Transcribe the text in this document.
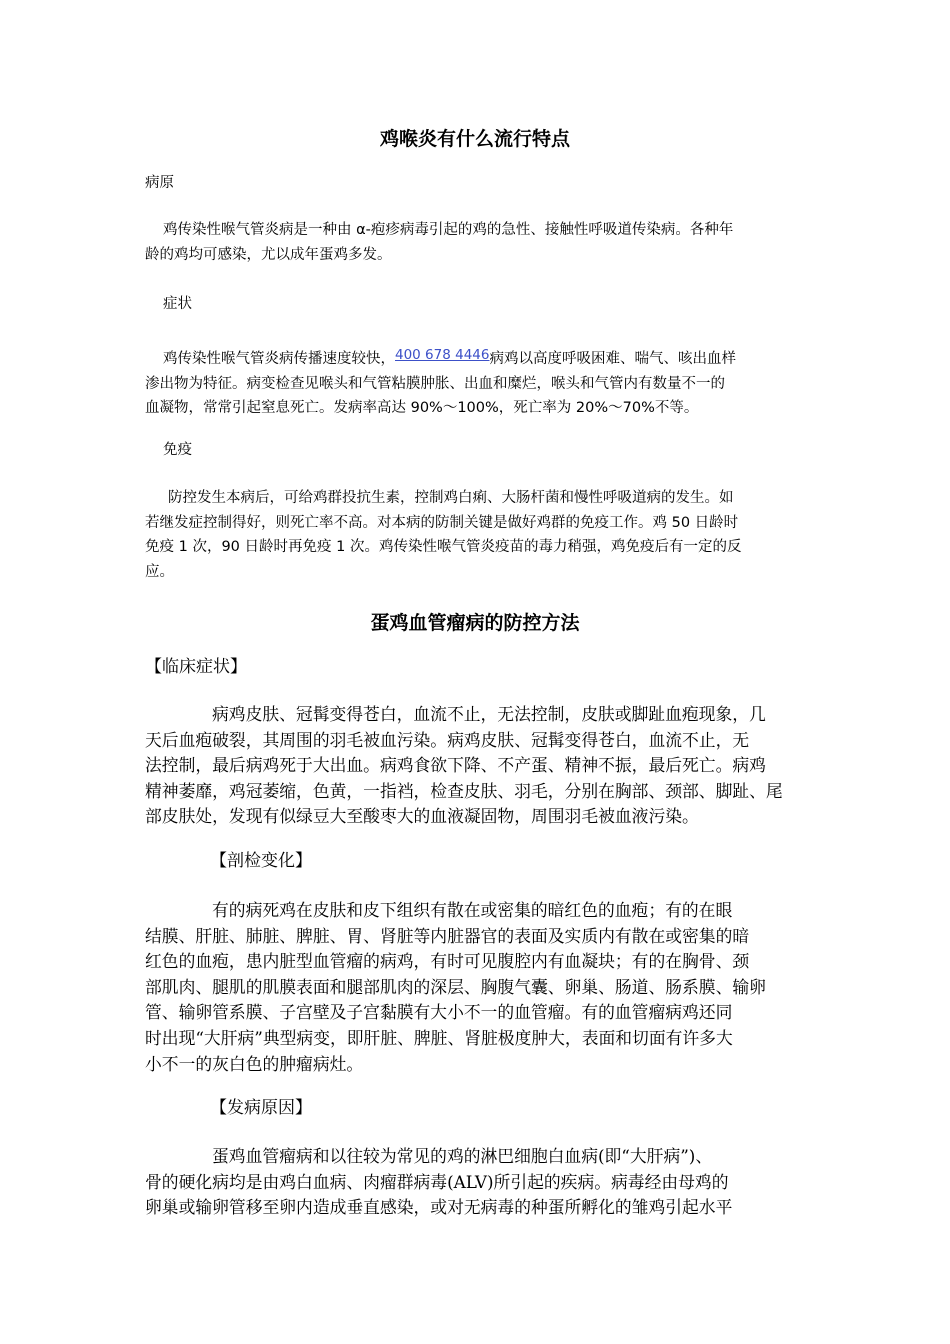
鸡喉炎有什么流行特点
病原
鸡传染性喉气管炎病是一种由 α-疱疹病毒引起的鸡的急性、接触性呼吸道传染病。各种年
龄的鸡均可感染，尤以成年蛋鸡多发。
症状
鸡传染性喉气管炎病传播速度较快，400 678 4446病鸡以高度呼吸困难、喘气、咳出血样
渗出物为特征。病变检查见喉头和气管粘膜肿胀、出血和糜烂，喉头和气管内有数量不一的
血凝物，常常引起窒息死亡。发病率高达 90%～100%，死亡率为 20%～70%不等。
免疫
防控发生本病后，可给鸡群投抗生素，控制鸡白痢、大肠杆菌和慢性呼吸道病的发生。如
若继发症控制得好，则死亡率不高。对本病的防制关键是做好鸡群的免疫工作。鸡 50 日龄时
免疫 1 次，90 日龄时再免疫 1 次。鸡传染性喉气管炎疫苗的毒力稍强，鸡免疫后有一定的反
应。
蛋鸡血管瘤病的防控方法
【临床症状】
病鸡皮肤、冠髯变得苍白，血流不止，无法控制，皮肤或脚趾血疱现象，几
天后血疱破裂，其周围的羽毛被血污染。病鸡皮肤、冠髯变得苍白，血流不止，无
法控制，最后病鸡死于大出血。病鸡食欲下降、不产蛋、精神不振，最后死亡。病鸡
精神萎靡，鸡冠萎缩，色黄，一指裆，检查皮肤、羽毛，分别在胸部、颈部、脚趾、尾
部皮肤处，发现有似绿豆大至酸枣大的血液凝固物，周围羽毛被血液污染。
【剖检变化】
有的病死鸡在皮肤和皮下组织有散在或密集的暗红色的血疱；有的在眼
结膜、肝脏、肺脏、脾脏、胃、肾脏等内脏器官的表面及实质内有散在或密集的暗
红色的血疱，患内脏型血管瘤的病鸡，有时可见腹腔内有血凝块；有的在胸骨、颈
部肌肉、腿肌的肌膜表面和腿部肌肉的深层、胸腹气囊、卵巢、肠道、肠系膜、输卵
管、输卵管系膜、子宫壁及子宫黏膜有大小不一的血管瘤。有的血管瘤病鸡还同
时出现“大肝病”典型病变，即肝脏、脾脏、肾脏极度肿大，表面和切面有许多大
小不一的灰白色的肿瘤病灶。
【发病原因】
蛋鸡血管瘤病和以往较为常见的鸡的淋巴细胞白血病(即“大肝病”)、
骨的硬化病均是由鸡白血病、肉瘤群病毒(ALV)所引起的疾病。病毒经由母鸡的
卵巢或输卵管移至卵内造成垂直感染，或对无病毒的种蛋所孵化的雏鸡引起水平
